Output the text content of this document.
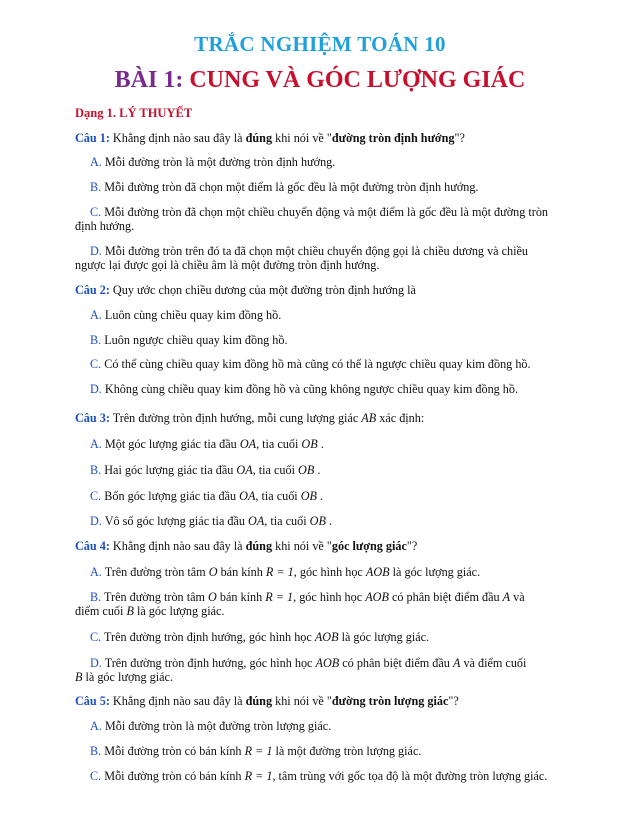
TRẮC NGHIỆM TOÁN 10
BÀI 1: CUNG VÀ GÓC LƯỢNG GIÁC
Dạng 1. LÝ THUYẾT
Câu 1: Khẳng định nào sau đây là đúng khi nói về "đường tròn định hướng"?
A. Mỗi đường tròn là một đường tròn định hướng.
B. Mỗi đường tròn đã chọn một điểm là gốc đều là một đường tròn định hướng.
C. Mỗi đường tròn đã chọn một chiều chuyển động và một điểm là gốc đều là một đường tròn
định hướng.
D. Mỗi đường tròn trên đó ta đã chọn một chiều chuyển động gọi là chiều dương và chiều
ngược lại được gọi là chiều âm là một đường tròn định hướng.
Câu 2: Quy ước chọn chiều dương của một đường tròn định hướng là
A. Luôn cùng chiều quay kim đồng hồ.
B. Luôn ngược chiều quay kim đồng hồ.
C. Có thể cùng chiều quay kim đồng hồ mà cũng có thể là ngược chiều quay kim đồng hồ.
D. Không cùng chiều quay kim đồng hồ và cũng không ngược chiều quay kim đồng hồ.
Câu 3: Trên đường tròn định hướng, mỗi cung lượng giác AB xác định:
A. Một góc lượng giác tia đầu OA, tia cuối OB .
B. Hai góc lượng giác tia đầu OA, tia cuối OB .
C. Bốn góc lượng giác tia đầu OA, tia cuối OB .
D. Vô số góc lượng giác tia đầu OA, tia cuối OB .
Câu 4: Khẳng định nào sau đây là đúng khi nói về "góc lượng giác"?
A. Trên đường tròn tâm O bán kính R = 1, góc hình học AOB là góc lượng giác.
B. Trên đường tròn tâm O bán kính R = 1, góc hình học AOB có phân biệt điểm đầu A và
điểm cuối B là góc lượng giác.
C. Trên đường tròn định hướng, góc hình học AOB là góc lượng giác.
D. Trên đường tròn định hướng, góc hình học AOB có phân biệt điểm đầu A và điểm cuối
B là góc lượng giác.
Câu 5: Khẳng định nào sau đây là đúng khi nói về "đường tròn lượng giác"?
A. Mỗi đường tròn là một đường tròn lượng giác.
B. Mỗi đường tròn có bán kính R = 1 là một đường tròn lượng giác.
C. Mỗi đường tròn có bán kính R = 1, tâm trùng với gốc tọa độ là một đường tròn lượng giác.
